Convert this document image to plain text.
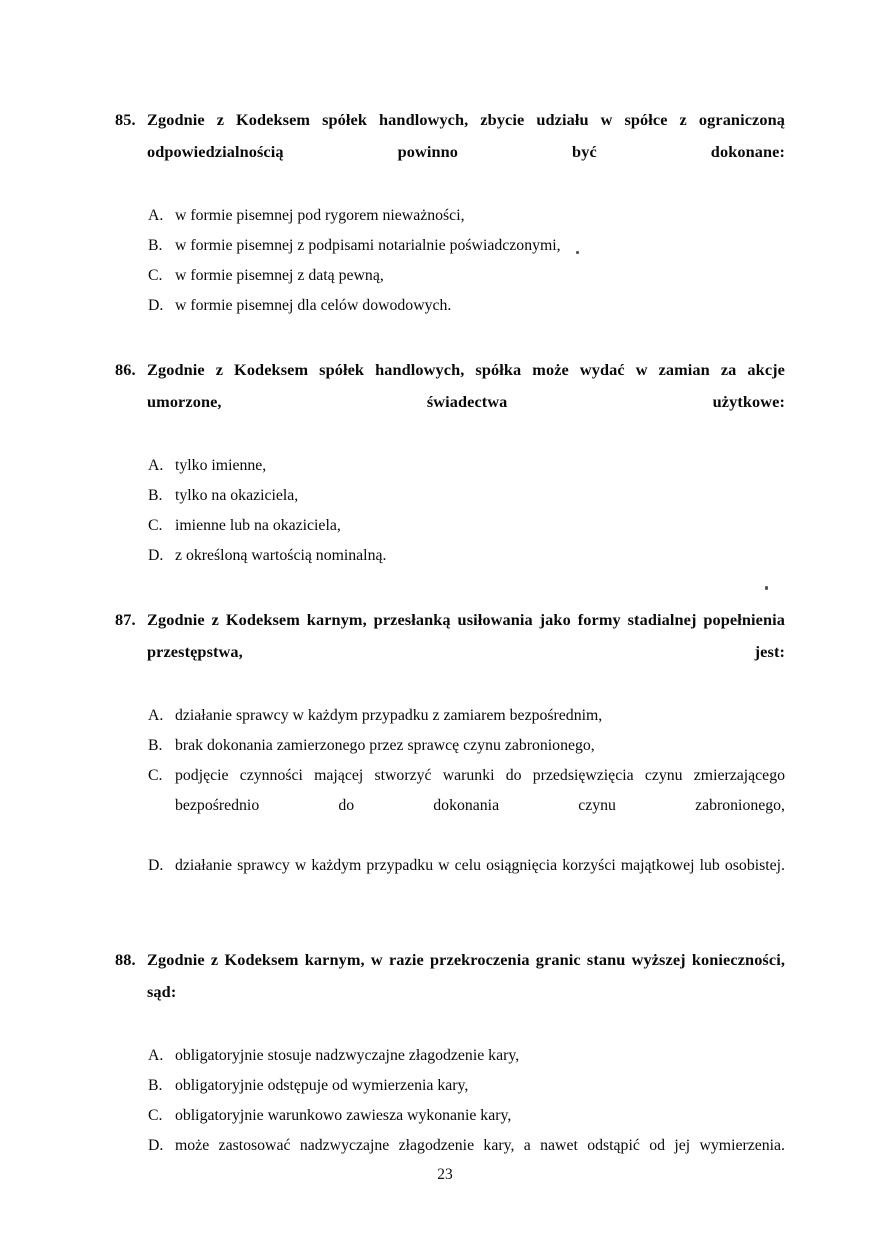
85. Zgodnie z Kodeksem spółek handlowych, zbycie udziału w spółce z ograniczoną odpowiedzialnością powinno być dokonane:
A. w formie pisemnej pod rygorem nieważności,
B. w formie pisemnej z podpisami notarialnie poświadczonymi,
C. w formie pisemnej z datą pewną,
D. w formie pisemnej dla celów dowodowych.
86. Zgodnie z Kodeksem spółek handlowych, spółka może wydać w zamian za akcje umorzone, świadectwa użytkowe:
A. tylko imienne,
B. tylko na okaziciela,
C. imienne lub na okaziciela,
D. z określoną wartością nominalną.
87. Zgodnie z Kodeksem karnym, przesłanką usiłowania jako formy stadialnej popełnienia przestępstwa, jest:
A. działanie sprawcy w każdym przypadku z zamiarem bezpośrednim,
B. brak dokonania zamierzonego przez sprawcę czynu zabronionego,
C. podjęcie czynności mającej stworzyć warunki do przedsięwzięcia czynu zmierzającego bezpośrednio do dokonania czynu zabronionego,
D. działanie sprawcy w każdym przypadku w celu osiągnięcia korzyści majątkowej lub osobistej.
88. Zgodnie z Kodeksem karnym, w razie przekroczenia granic stanu wyższej konieczności, sąd:
A. obligatoryjnie stosuje nadzwyczajne złagodzenie kary,
B. obligatoryjnie odstępuje od wymierzenia kary,
C. obligatoryjnie warunkowo zawiesza wykonanie kary,
D. może zastosować nadzwyczajne złagodzenie kary, a nawet odstąpić od jej wymierzenia.
23
